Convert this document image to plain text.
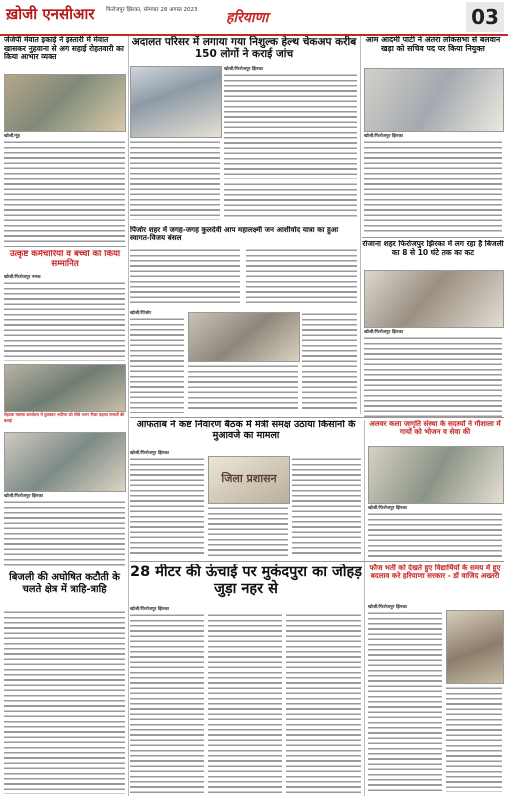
ख़ोजी एनसीआर फिरोजपुर झिरका, सोमवार 28 अगस्त 2023 हरियाणा	03
जेजेपी मेवात इकाई ने इस्तारी में मेवात खासकर नुहवाना से अग सहाई रोहतवारी का किया आभार व्यक्त
खोजी/नूंह
अदालत परिसर में लगाया गया निशुल्क हेल्थ चेकअप करीब 150 लोगों ने कराई जांच
खोजी/फिरोजपुर झिरका
आम आदमी पार्टी ने अंतरा लोकसभा से बलवान खड़ा को सचिव पद पर किया नियुक्त
खोजी/फिरोजपुर झिरका
उत्कृष्ट कर्मचारियों व बच्चों को किया सम्मानित
खोजी/फिरोजपुर नमक
रोहतक मलाया कार्यालय में पुलकात भाटिया को सीधे भवन नीजा महत्वा मामलों की बधाई
पिंजोर शहर में जगह-जगह कुलदेवी आप महालक्ष्मी जन आशीर्वाद यात्रा का हुआ स्वागत-विजय बंसल
खोजी/पिंजोर
रोजाना शहर फिरोजपुर झिरका में लग रहा है बिजली का 8 से 10 घंटे तक का कट
खोजी/फिरोजपुर झिरका
आफताब ने कष्ट निवारण बैठक में मंत्री समक्ष उठाया किसानों के मुआवजे का मामला
खोजी/फिरोजपुर झिरका
जिला प्रशासन
अलवर कला जागृति संस्था के सदस्यों ने गौशाला में गायों को भोजन व सेवा की
खोजी/फिरोजपुर झिरका
खोजी/फिरोजपुर झिरका
बिजली की अघोषित कटौती के चलते क्षेत्र में त्राहि-त्राहि
28 मीटर की ऊंचाई पर मुकंदपुरा का जोहड़ जुड़ा नहर से
खोजी/फिरोजपुर झिरका
फौज भर्ती को देखते हुए विद्यार्थियों के समय में हुए बदलाव करे हरियाणा सरकार - डॉ वाजिद अख्तरी
खोजी/फिरोजपुर झिरका
